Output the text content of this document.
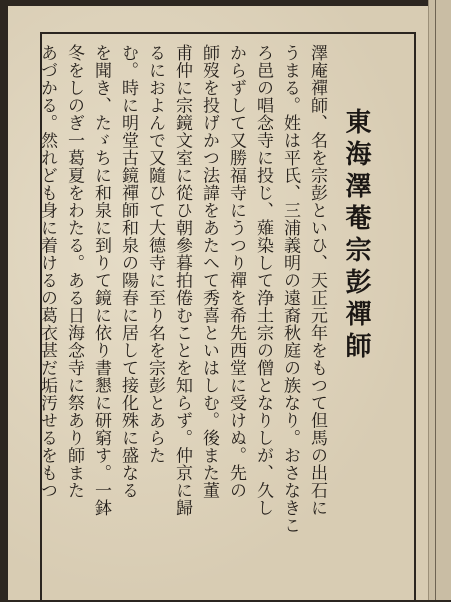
東海澤菴宗彭禪師
澤庵禪師、名を宗彭といひ、天正元年をもつて但馬の出石に
うまる。姓は平氏、三浦義明の遠裔秋庭の族なり。おさなきこ
ろ邑の唱念寺に投じ、薙染して浄土宗の僧となりしが、久し
からずして又勝福寺にうつり禪を希先西堂に受けぬ。先の
師歿を投げかつ法諱をあたへて秀喜といはしむ。後また董
甫仲に宗鏡文室に從ひ朝參暮拍倦むことを知らず。仲京に歸
るにおよんで又隨ひて大德寺に至り名を宗彭とあらた
む。時に明堂古鏡禪師和泉の陽春に居して接化殊に盛なる
を聞き、たゞちに和泉に到りて鏡に依り書懇に研窮す。一鉢
冬をしのぎ一葛夏をわたる。ある日海念寺に祭あり師また
あづかる。然れども身に着けるの葛衣甚だ垢汚せるをもつ
